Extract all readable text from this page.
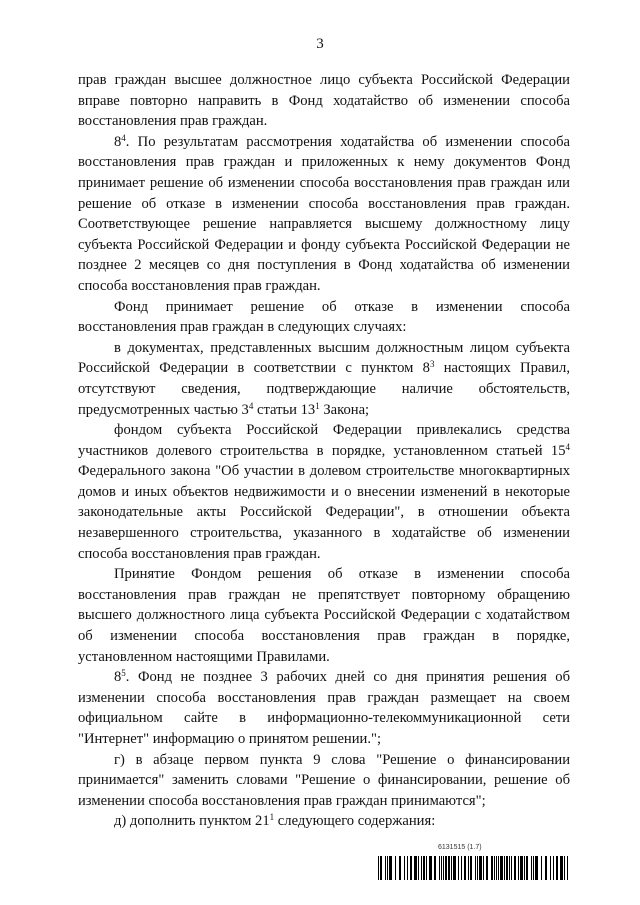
3

прав граждан высшее должностное лицо субъекта Российской Федерации вправе повторно направить в Фонд ходатайство об изменении способа восстановления прав граждан.

$8^4$. По результатам рассмотрения ходатайства об изменении способа восстановления прав граждан и приложенных к нему документов Фонд принимает решение об изменении способа восстановления прав граждан или решение об отказе в изменении способа восстановления прав граждан. Соответствующее решение направляется высшему должностному лицу субъекта Российской Федерации и фонду субъекта Российской Федерации не позднее 2 месяцев со дня поступления в Фонд ходатайства об изменении способа восстановления прав граждан.

Фонд принимает решение об отказе в изменении способа восстановления прав граждан в следующих случаях:

в документах, представленных высшим должностным лицом субъекта Российской Федерации в соответствии с пунктом $8^3$ настоящих Правил, отсутствуют сведения, подтверждающие наличие обстоятельств, предусмотренных частью $3^4$ статьи $13^1$ Закона;

фондом субъекта Российской Федерации привлекались средства участников долевого строительства в порядке, установленном статьей $15^4$ Федерального закона "Об участии в долевом строительстве многоквартирных домов и иных объектов недвижимости и о внесении изменений в некоторые законодательные акты Российской Федерации", в отношении объекта незавершенного строительства, указанного в ходатайстве об изменении способа восстановления прав граждан.

Принятие Фондом решения об отказе в изменении способа восстановления прав граждан не препятствует повторному обращению высшего должностного лица субъекта Российской Федерации с ходатайством об изменении способа восстановления прав граждан в порядке, установленном настоящими Правилами.

$8^5$. Фонд не позднее 3 рабочих дней со дня принятия решения об изменении способа восстановления прав граждан размещает на своем официальном сайте в информационно-телекоммуникационной сети "Интернет" информацию о принятом решении.";

г) в абзаце первом пункта 9 слова "Решение о финансировании принимается" заменить словами "Решение о финансировании, решение об изменении способа восстановления прав граждан принимаются";

д) дополнить пунктом $21^1$ следующего содержания:

6131515 (1.7)
